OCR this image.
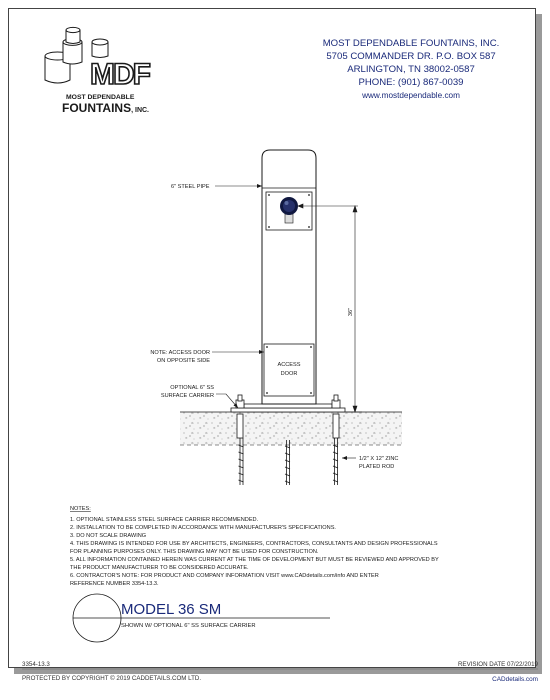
MDF
MOST DEPENDABLE
FOUNTAINS, INC.
MOST DEPENDABLE FOUNTAINS, INC.
5705 COMMANDER DR. P.O. BOX 587
ARLINGTON, TN 38002-0587
PHONE: (901) 867-0039
www.mostdependable.com
ACCESS
DOOR
36"
6" STEEL PIPE
NOTE: ACCESS DOOR
ON OPPOSITE SIDE
OPTIONAL 6" SS
SURFACE CARRIER
1/2" X 12" ZINC
PLATED ROD
NOTES:
1. OPTIONAL STAINLESS STEEL SURFACE CARRIER RECOMMENDED.
2. INSTALLATION TO BE COMPLETED IN ACCORDANCE WITH MANUFACTURER'S SPECIFICATIONS.
3. DO NOT SCALE DRAWING
4. THIS DRAWING IS INTENDED FOR USE BY ARCHITECTS, ENGINEERS, CONTRACTORS, CONSULTANTS AND DESIGN PROFESSIONALS
FOR PLANNING PURPOSES ONLY. THIS DRAWING MAY NOT BE USED FOR CONSTRUCTION.
5. ALL INFORMATION CONTAINED HEREIN WAS CURRENT AT THE TIME OF DEVELOPMENT BUT MUST BE REVIEWED AND APPROVED BY
THE PRODUCT MANUFACTURER TO BE CONSIDERED ACCURATE.
6. CONTRACTOR'S NOTE: FOR PRODUCT AND COMPANY INFORMATION VISIT www.CADdetails.com/info AND ENTER
REFERENCE NUMBER 3354-13.3.
MODEL 36 SM
SHOWN W/ OPTIONAL 6" SS SURFACE CARRIER
3354-13.3	REVISION DATE 07/22/2019
PROTECTED BY COPYRIGHT © 2019 CADDETAILS.COM LTD.	CADdetails.com
